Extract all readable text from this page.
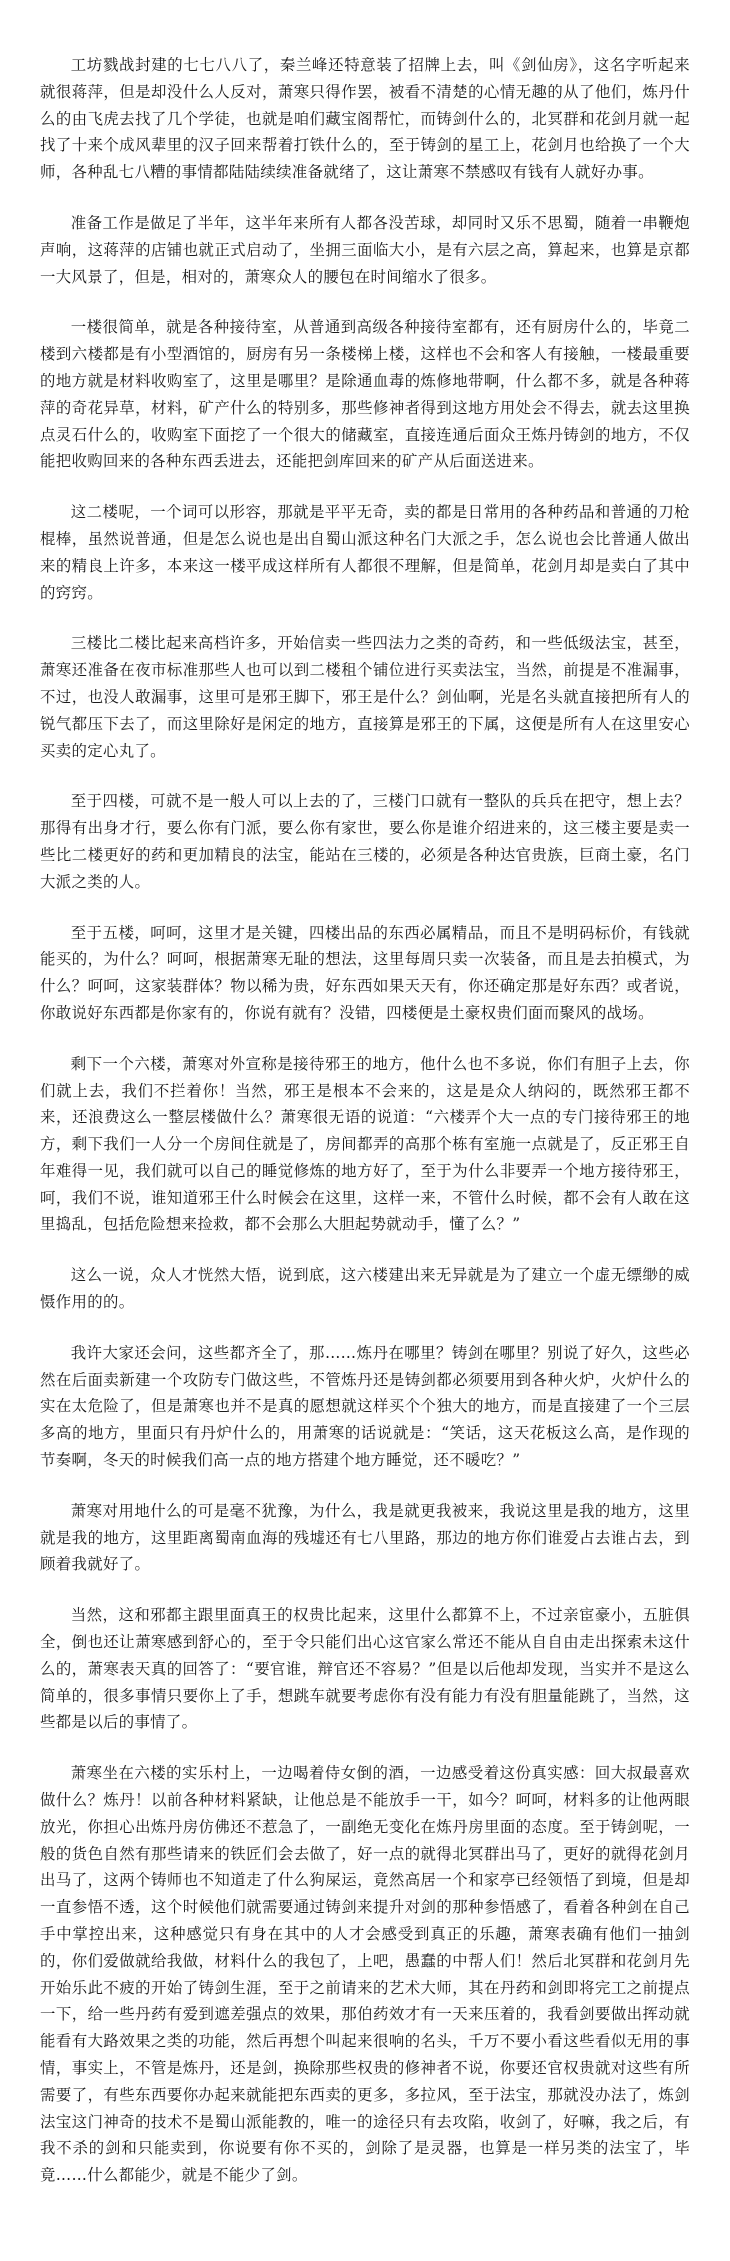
工坊戮战封建的七七八八了，秦兰峰还特意装了招牌上去，叫《剑仙房》，这名字听起来就很蒋萍，但是却没什么人反对，萧寒只得作罢，被看不清楚的心情无趣的从了他们，炼丹什么的由飞虎去找了几个学徒，也就是咱们藏宝阁帮忙，而铸剑什么的，北冥群和花剑月就一起找了十来个成风辈里的汉子回来帮着打铁什么的，至于铸剑的星工上，花剑月也给换了一个大师，各种乱七八糟的事情都陆陆续续准备就绪了，这让萧寒不禁感叹有钱有人就好办事。

准备工作是做足了半年，这半年来所有人都各没苦球，却同时又乐不思蜀，随着一串鞭炮声响，这蒋萍的店铺也就正式启动了，坐拥三面临大小，是有六层之高，算起来，也算是京都一大风景了，但是，相对的，萧寒众人的腰包在时间缩水了很多。

一楼很简单，就是各种接待室，从普通到高级各种接待室都有，还有厨房什么的，毕竟二楼到六楼都是有小型酒馆的，厨房有另一条楼梯上楼，这样也不会和客人有接触，一楼最重要的地方就是材料收购室了，这里是哪里？是除通血毒的炼修地带啊，什么都不多，就是各种蒋萍的奇花异草，材料，矿产什么的特别多，那些修神者得到这地方用处会不得去，就去这里换点灵石什么的，收购室下面挖了一个很大的储藏室，直接连通后面众王炼丹铸剑的地方，不仅能把收购回来的各种东西丢进去，还能把剑库回来的矿产从后面送进来。

这二楼呢，一个词可以形容，那就是平平无奇，卖的都是日常用的各种药品和普通的刀枪棍棒，虽然说普通，但是怎么说也是出自蜀山派这种名门大派之手，怎么说也会比普通人做出来的精良上许多，本来这一楼平成这样所有人都很不理解，但是简单，花剑月却是卖白了其中的窍窍。

三楼比二楼比起来高档许多，开始信卖一些四法力之类的奇药，和一些低级法宝，甚至，萧寒还准备在夜市标准那些人也可以到二楼租个铺位进行买卖法宝，当然，前提是不准漏事，不过，也没人敢漏事，这里可是邪王脚下，邪王是什么？剑仙啊，光是名头就直接把所有人的锐气都压下去了，而这里除好是闲定的地方，直接算是邪王的下属，这便是所有人在这里安心买卖的定心丸了。

至于四楼，可就不是一般人可以上去的了，三楼门口就有一整队的兵兵在把守，想上去？那得有出身才行，要么你有门派，要么你有家世，要么你是谁介绍进来的，这三楼主要是卖一些比二楼更好的药和更加精良的法宝，能站在三楼的，必须是各种达官贵族，巨商土豪，名门大派之类的人。

至于五楼，呵呵，这里才是关键，四楼出品的东西必属精品，而且不是明码标价，有钱就能买的，为什么？呵呵，根据萧寒无耻的想法，这里每周只卖一次装备，而且是去拍模式，为什么？呵呵，这家装群体？物以稀为贵，好东西如果天天有，你还确定那是好东西？或者说，你敢说好东西都是你家有的，你说有就有？没错，四楼便是土豪权贵们面而聚风的战场。

剩下一个六楼，萧寒对外宣称是接待邪王的地方，他什么也不多说，你们有胆子上去，你们就上去，我们不拦着你！当然，邪王是根本不会来的，这是是众人纳闷的，既然邪王都不来，还浪费这么一整层楼做什么？萧寒很无语的说道：“六楼弄个大一点的专门接待邪王的地方，剩下我们一人分一个房间住就是了，房间都弄的高那个栋有室施一点就是了，反正邪王自年难得一见，我们就可以自己的睡觉修炼的地方好了，至于为什么非要弄一个地方接待邪王，呵，我们不说，谁知道邪王什么时候会在这里，这样一来，不管什么时候，都不会有人敢在这里捣乱，包括危险想来捡救，都不会那么大胆起势就动手，懂了么？”

这么一说，众人才恍然大悟，说到底，这六楼建出来无异就是为了建立一个虚无缥缈的威慑作用的的。

我许大家还会问，这些都齐全了，那……炼丹在哪里？铸剑在哪里？别说了好久，这些必然在后面卖新建一个攻防专门做这些，不管炼丹还是铸剑都必须要用到各种火炉，火炉什么的实在太危险了，但是萧寒也并不是真的愿想就这样买个个独大的地方，而是直接建了一个三层多高的地方，里面只有丹炉什么的，用萧寒的话说就是：“笑话，这天花板这么高，是作现的节奏啊，冬天的时候我们高一点的地方搭建个地方睡觉，还不暖吃？”

萧寒对用地什么的可是毫不犹豫，为什么，我是就更我被来，我说这里是我的地方，这里就是我的地方，这里距离蜀南血海的残墟还有七八里路，那边的地方你们谁爱占去谁占去，到顾着我就好了。

当然，这和邪都主跟里面真王的权贵比起来，这里什么都算不上，不过亲宦豪小，五脏俱全，倒也还让萧寒感到舒心的，至于令只能们出心这官家么常还不能从自自由走出探索未这什么的，萧寒表天真的回答了：“要官谁，辩官还不容易？”但是以后他却发现，当实并不是这么简单的，很多事情只要你上了手，想跳车就要考虑你有没有能力有没有胆量能跳了，当然，这些都是以后的事情了。

萧寒坐在六楼的实乐村上，一边喝着侍女倒的酒，一边感受着这份真实感：回大叔最喜欢做什么？炼丹！以前各种材料紧缺，让他总是不能放手一干，如今？呵呵，材料多的让他两眼放光，你担心出炼丹房仿佛还不惹急了，一副绝无变化在炼丹房里面的态度。至于铸剑呢，一般的货色自然有那些请来的铁匠们会去做了，好一点的就得北冥群出马了，更好的就得花剑月出马了，这两个铸师也不知道走了什么狗屎运，竟然高居一个和家亭已经领悟了到境，但是却一直参悟不透，这个时候他们就需要通过铸剑来提升对剑的那种参悟感了，看着各种剑在自己手中掌控出来，这种感觉只有身在其中的人才会感受到真正的乐趣，萧寒表确有他们一抽剑的，你们爱做就给我做，材料什么的我包了，上吧，愚蠢的中帮人们！然后北冥群和花剑月先开始乐此不疲的开始了铸剑生涯，至于之前请来的艺术大师，其在丹药和剑即将完工之前提点一下，给一些丹药有爱到遮差强点的效果，那伯药效才有一天来压着的，我看剑要做出挥动就能看有大路效果之类的功能，然后再想个叫起来很响的名头，千万不要小看这些看似无用的事情，事实上，不管是炼丹，还是剑，换除那些权贵的修神者不说，你要还官权贵就对这些有所需要了，有些东西要你办起来就能把东西卖的更多，多拉风，至于法宝，那就没办法了，炼剑法宝这门神奇的技术不是蜀山派能教的，唯一的途径只有去攻陷，收剑了，好嘛，我之后，有我不杀的剑和只能卖到，你说要有你不买的，剑除了是灵器，也算是一样另类的法宝了，毕竟……什么都能少，就是不能少了剑。
